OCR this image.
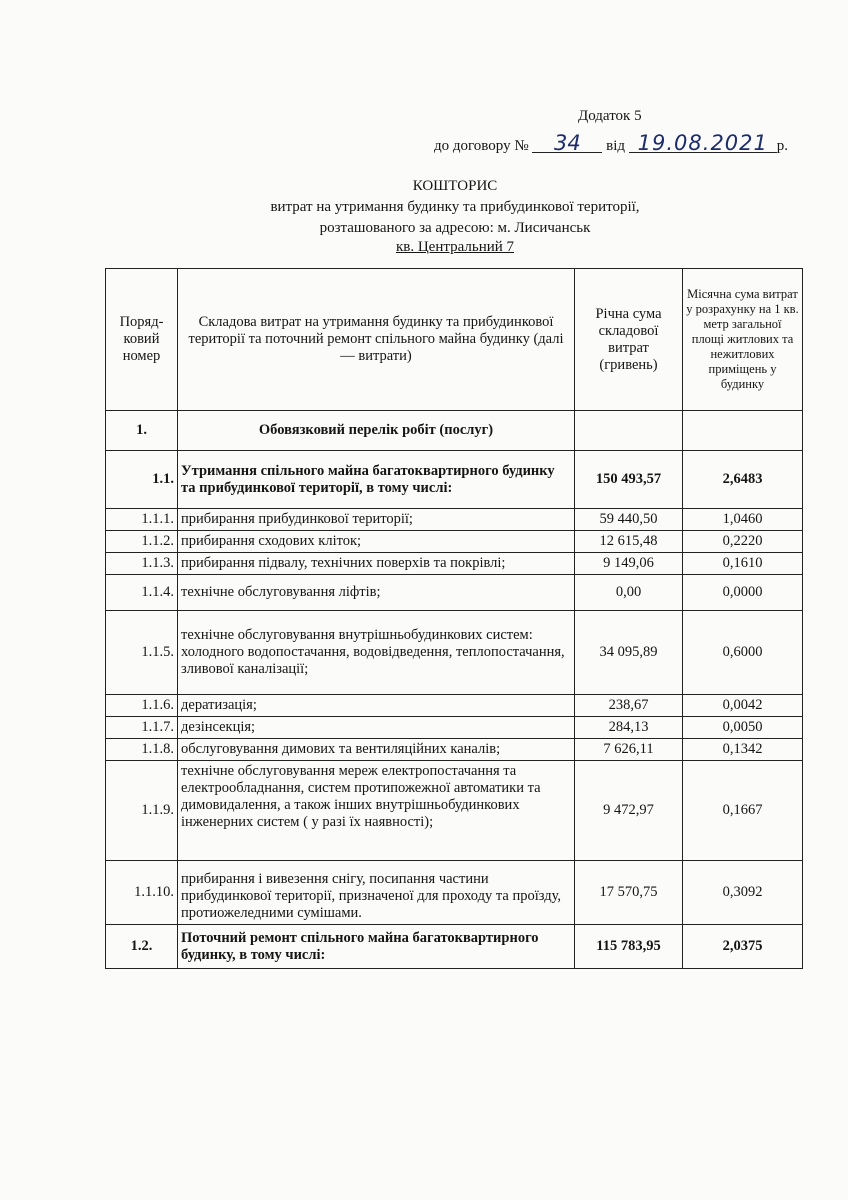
Додаток 5
до договору № 34 від 19.08.2021 р.
КОШТОРИС
витрат на утримання будинку та прибудинкової території,
розташованого за адресою: м. Лисичанськ
кв. Центральний 7
Поряд-
ковий
номер	Складова витрат на утримання будинку та прибудинкової території та поточний ремонт спільного майна будинку (далі — витрати)	Річна сума складової витрат (гривень)	Місячна сума витрат у розрахунку на 1 кв. метр загальної площі житлових та нежитлових приміщень у будинку
1.	Обовязковий перелік робіт (послуг)		
1.1.	Утримання спільного майна багатоквартирного будинку та прибудинкової території, в тому числі:	150 493,57	2,6483
1.1.1.	прибирання прибудинкової території;	59 440,50	1,0460
1.1.2.	прибирання сходових кліток;	12 615,48	0,2220
1.1.3.	прибирання підвалу, технічних поверхів та покрівлі;	9 149,06	0,1610
1.1.4.	технічне обслуговування ліфтів;	0,00	0,0000
1.1.5.	технічне обслуговування внутрішньобудинкових систем: холодного водопостачання, водовідведення, теплопостачання, зливової каналізації;	34 095,89	0,6000
1.1.6.	дератизація;	238,67	0,0042
1.1.7.	дезінсекція;	284,13	0,0050
1.1.8.	обслуговування димових та вентиляційних каналів;	7 626,11	0,1342
1.1.9.	технічне обслуговування мереж електропостачання та електрообладнання, систем протипожежної автоматики та димовидалення, а також інших внутрішньобудинкових інженерних систем ( у разі їх наявності);	9 472,97	0,1667
1.1.10.	прибирання і вивезення снігу, посипання частини прибудинкової території, призначеної для проходу та проїзду, протиожеледними сумішами.	17 570,75	0,3092
1.2.	Поточний ремонт спільного майна багатоквартирного будинку, в тому числі:	115 783,95	2,0375
